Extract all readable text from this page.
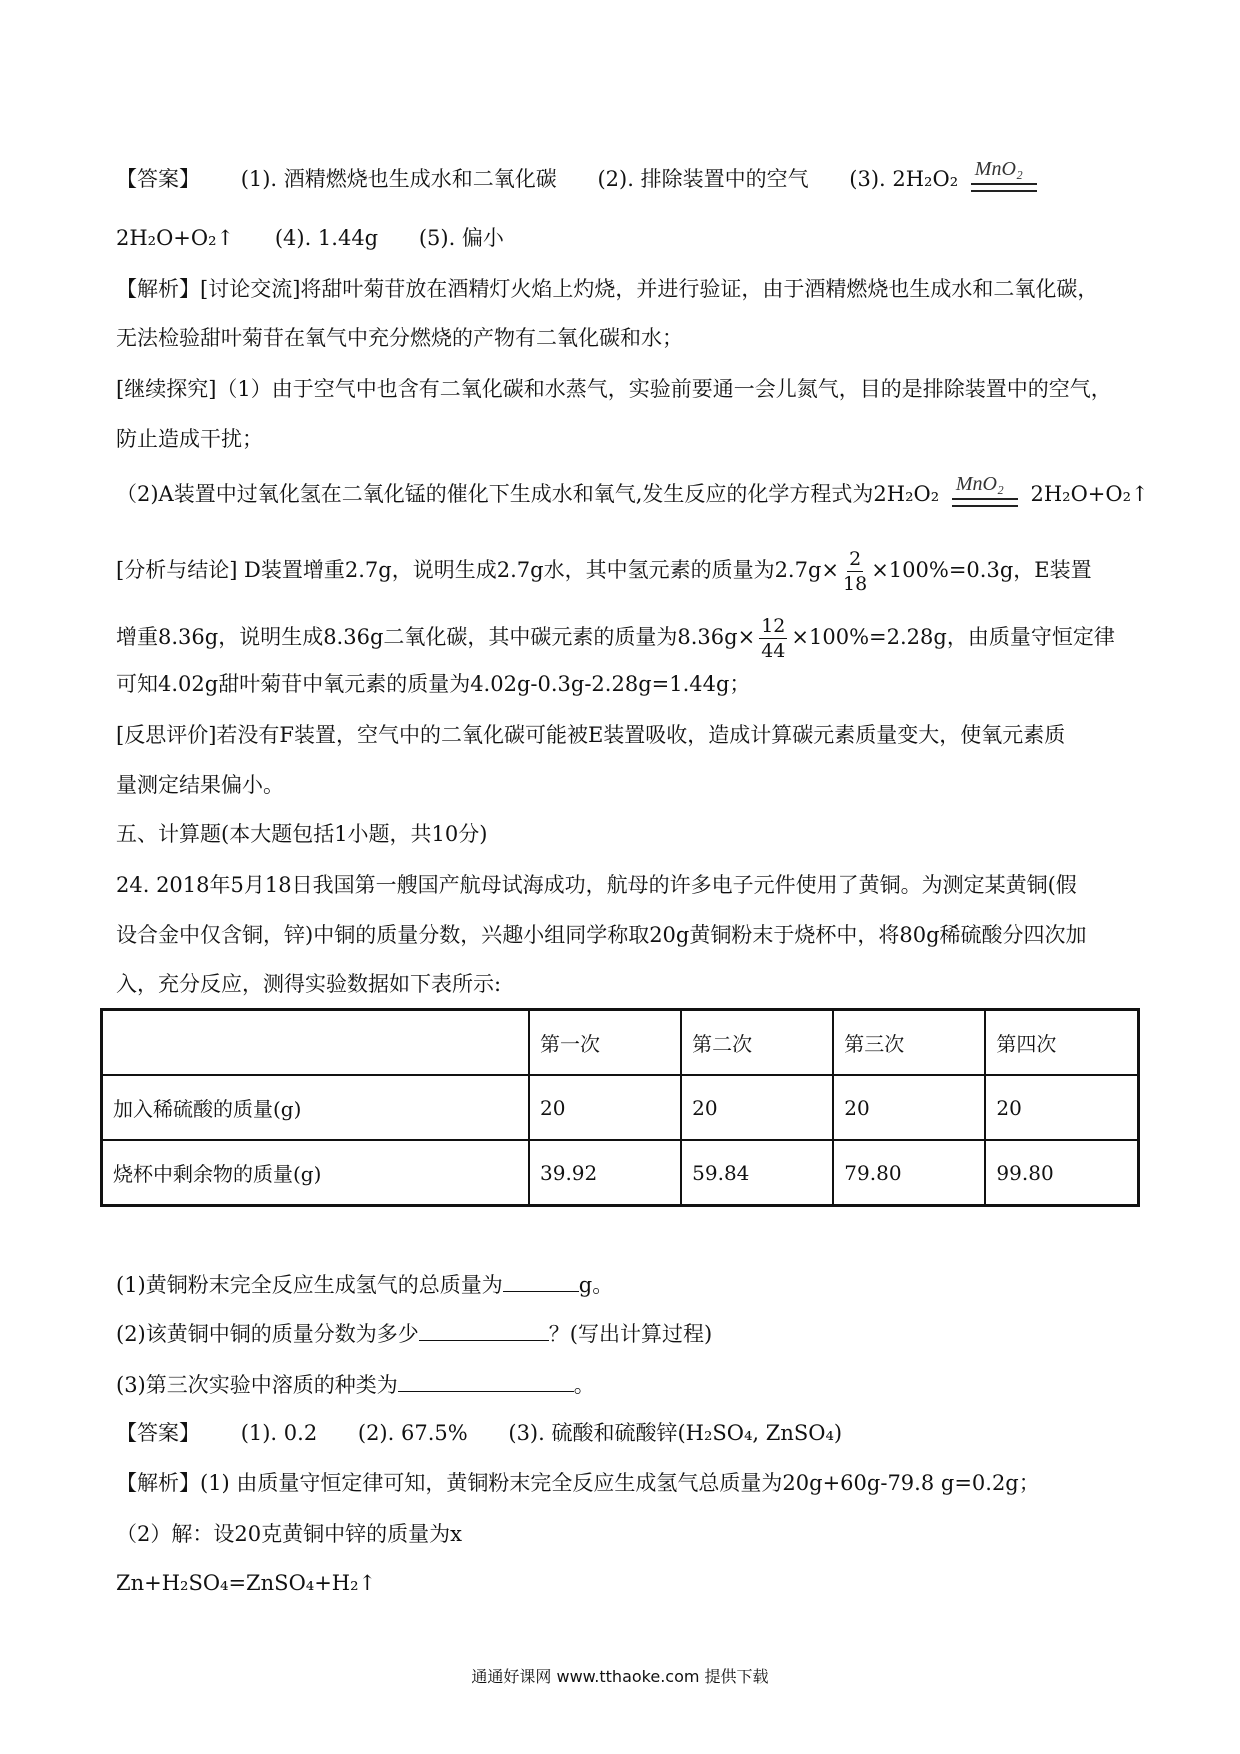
【答案】 (1). 酒精燃烧也生成水和二氧化碳 (2). 排除装置中的空气 (3). 2H₂O₂ MnO₂
2H₂O+O₂↑ (4). 1.44g (5). 偏小
【解析】[讨论交流]将甜叶菊苷放在酒精灯火焰上灼烧，并进行验证，由于酒精燃烧也生成水和二氧化碳，
无法检验甜叶菊苷在氧气中充分燃烧的产物有二氧化碳和水；
[继续探究]（1）由于空气中也含有二氧化碳和水蒸气，实验前要通一会儿氮气，目的是排除装置中的空气，
防止造成干扰；
（2)A装置中过氧化氢在二氧化锰的催化下生成水和氧气,发生反应的化学方程式为2H₂O₂ MnO₂ 2H₂O+O₂↑
[分析与结论] D装置增重2.7g，说明生成2.7g水，其中氢元素的质量为$2.7g\times \frac{2}{18} \times 100\%=0.3g$，E装置
增重8.36g，说明生成8.36g二氧化碳，其中碳元素的质量为$8.36g\times \frac{12}{44} \times 100\%=2.28g$，由质量守恒定律
可知4.02g甜叶菊苷中氧元素的质量为4.02g-0.3g-2.28g=1.44g；
[反思评价]若没有F装置，空气中的二氧化碳可能被E装置吸收，造成计算碳元素质量变大，使氧元素质
量测定结果偏小。
五、计算题(本大题包括1小题，共10分)
24. 2018年5月18日我国第一艘国产航母试海成功，航母的许多电子元件使用了黄铜。为测定某黄铜(假
设合金中仅含铜，锌)中铜的质量分数，兴趣小组同学称取20g黄铜粉末于烧杯中，将80g稀硫酸分四次加
入，充分反应，测得实验数据如下表所示:
	第一次	第二次	第三次	第四次
加入稀硫酸的质量(g)	20	20	20	20
烧杯中剩余物的质量(g)	39.92	59.84	79.80	99.80
(1)黄铜粉末完全反应生成氢气的总质量为	g。
(2)该黄铜中铜的质量分数为多少	？(写出计算过程)
(3)第三次实验中溶质的种类为	。
【答案】 (1). 0.2 (2). 67.5% (3). 硫酸和硫酸锌(H₂SO₄, ZnSO₄)
【解析】(1) 由质量守恒定律可知，黄铜粉末完全反应生成氢气总质量为20g+60g-79.8 g=0.2g；
（2）解：设20克黄铜中锌的质量为x
Zn+H₂SO₄=ZnSO₄+H₂↑
通通好课网 www.tthaoke.com 提供下载
